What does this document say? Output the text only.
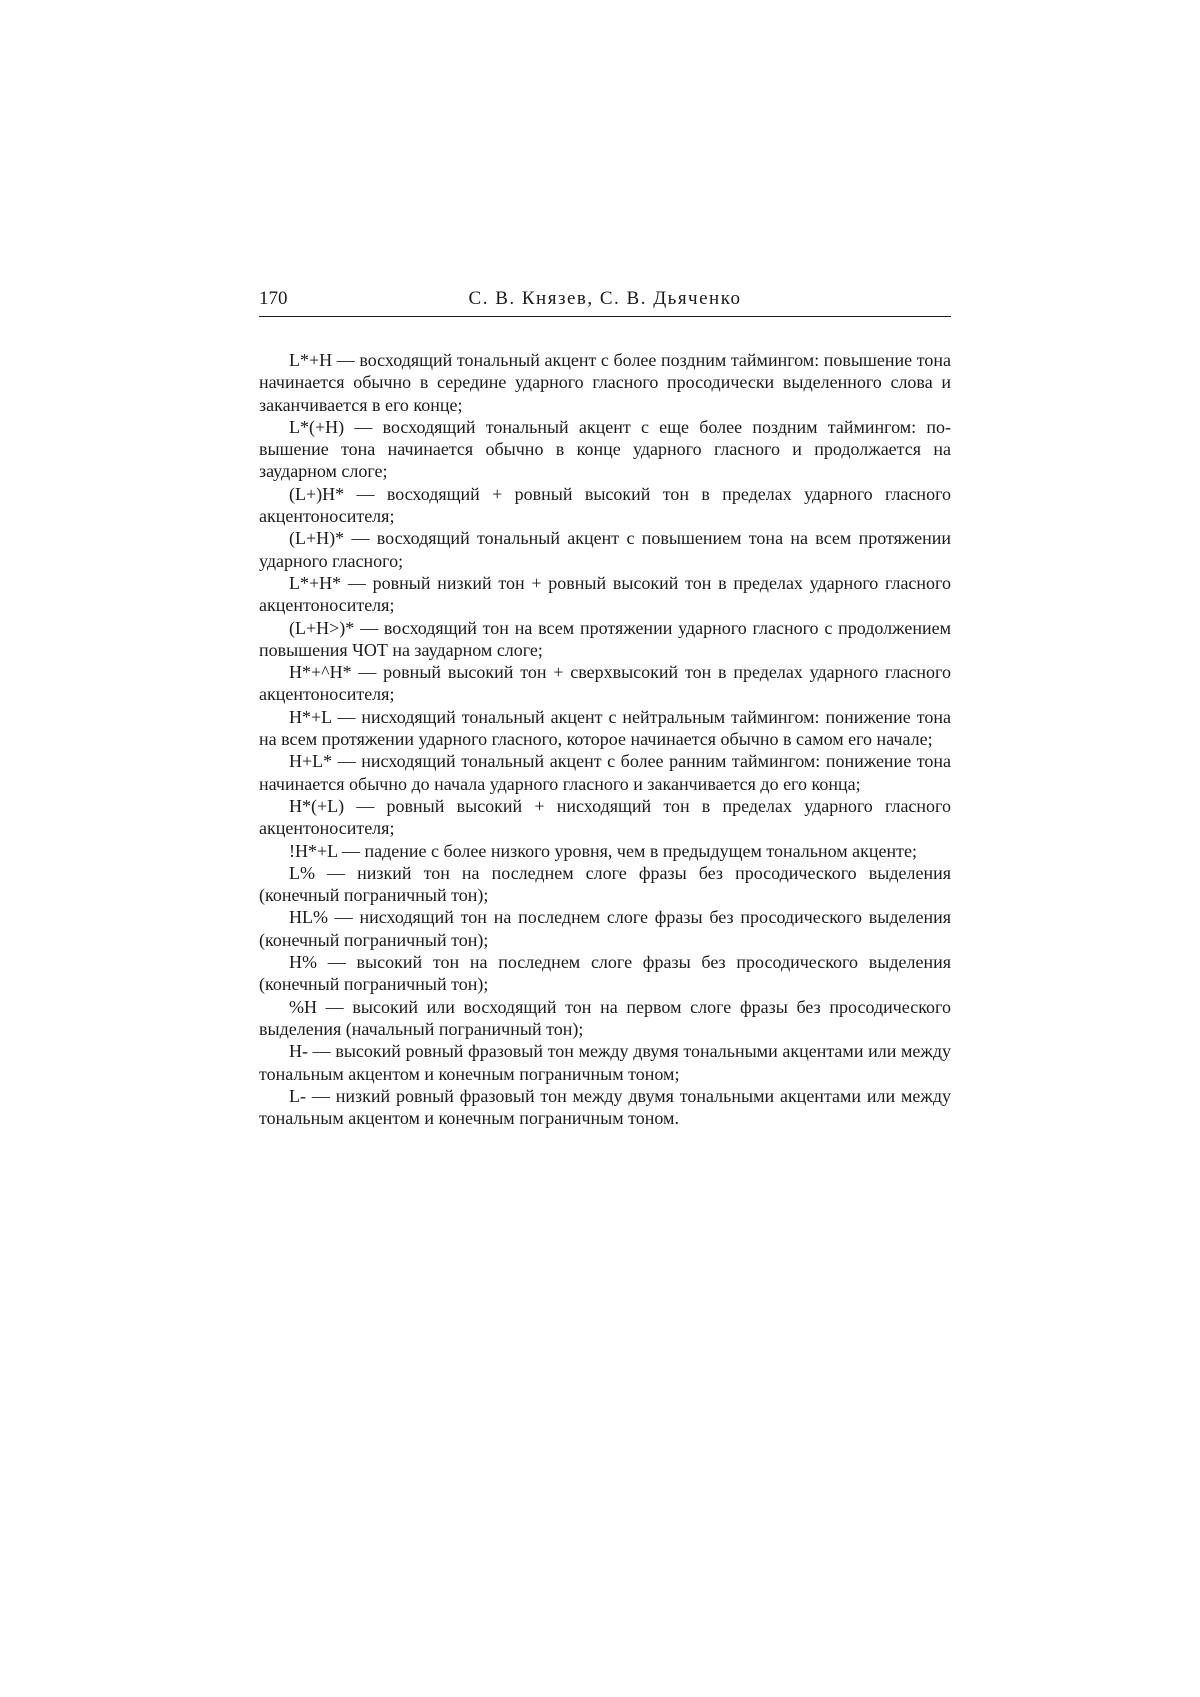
170	С. В. Князев, С. В. Дьяченко

L*+H — восходящий тональный акцент с более поздним таймингом: повышение тона начинается обычно в середине ударного гласного просодически выделенного слова и заканчивается в его конце;

L*(+H) — восходящий тональный акцент с еще более поздним таймингом: повышение тона начинается обычно в конце ударного гласного и продолжается на заударном слоге;

(L+)H* — восходящий + ровный высокий тон в пределах ударного гласного акцентоносителя;

(L+H)* — восходящий тональный акцент с повышением тона на всем протяжении ударного гласного;

L*+H* — ровный низкий тон + ровный высокий тон в пределах ударного гласного акцентоносителя;

(L+H>)* — восходящий тон на всем протяжении ударного гласного с продолжением повышения ЧОТ на заударном слоге;

H*+^H* — ровный высокий тон + сверхвысокий тон в пределах ударного гласного акцентоносителя;

H*+L — нисходящий тональный акцент с нейтральным таймингом: понижение тона на всем протяжении ударного гласного, которое начинается обычно в самом его начале;

H+L* — нисходящий тональный акцент с более ранним таймингом: понижение тона начинается обычно до начала ударного гласного и заканчивается до его конца;

H*(+L) — ровный высокий + нисходящий тон в пределах ударного гласного акцентоносителя;

!H*+L — падение с более низкого уровня, чем в предыдущем тональном акценте;

L% — низкий тон на последнем слоге фразы без просодического выделения (конечный пограничный тон);

HL% — нисходящий тон на последнем слоге фразы без просодического выделения (конечный пограничный тон);

H% — высокий тон на последнем слоге фразы без просодического выделения (конечный пограничный тон);

%H — высокий или восходящий тон на первом слоге фразы без просодического выделения (начальный пограничный тон);

H- — высокий ровный фразовый тон между двумя тональными акцентами или между тональным акцентом и конечным пограничным тоном;

L- — низкий ровный фразовый тон между двумя тональными акцентами или между тональным акцентом и конечным пограничным тоном.
